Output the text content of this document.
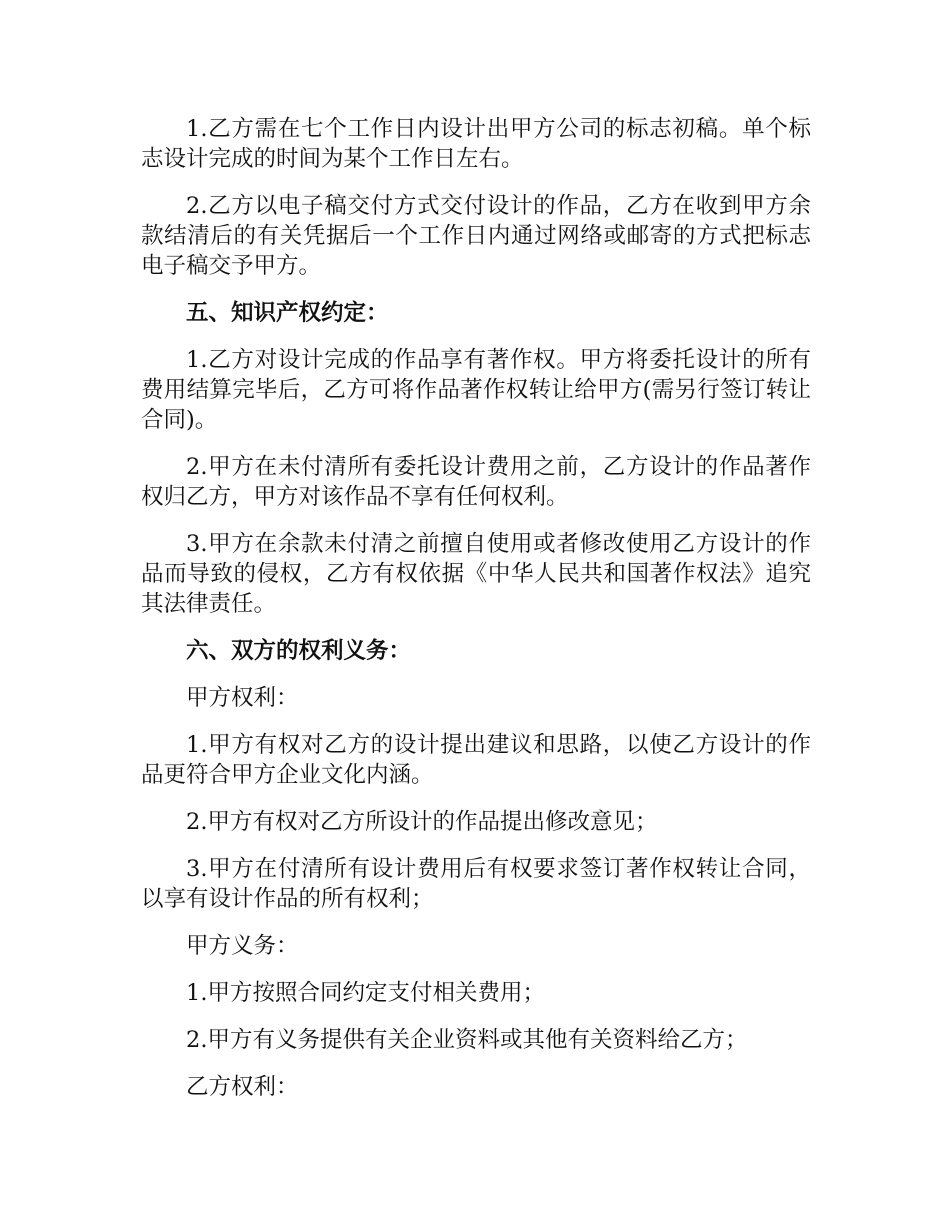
1.乙方需在七个工作日内设计出甲方公司的标志初稿。单个标志设计完成的时间为某个工作日左右。

2.乙方以电子稿交付方式交付设计的作品，乙方在收到甲方余款结清后的有关凭据后一个工作日内通过网络或邮寄的方式把标志电子稿交予甲方。

五、知识产权约定：

1.乙方对设计完成的作品享有著作权。甲方将委托设计的所有费用结算完毕后，乙方可将作品著作权转让给甲方(需另行签订转让合同)。

2.甲方在未付清所有委托设计费用之前，乙方设计的作品著作权归乙方，甲方对该作品不享有任何权利。

3.甲方在余款未付清之前擅自使用或者修改使用乙方设计的作品而导致的侵权，乙方有权依据《中华人民共和国著作权法》追究其法律责任。

六、双方的权利义务：

甲方权利：

1.甲方有权对乙方的设计提出建议和思路，以使乙方设计的作品更符合甲方企业文化内涵。

2.甲方有权对乙方所设计的作品提出修改意见；

3.甲方在付清所有设计费用后有权要求签订著作权转让合同，以享有设计作品的所有权利；

甲方义务：

1.甲方按照合同约定支付相关费用；

2.甲方有义务提供有关企业资料或其他有关资料给乙方；

乙方权利：
